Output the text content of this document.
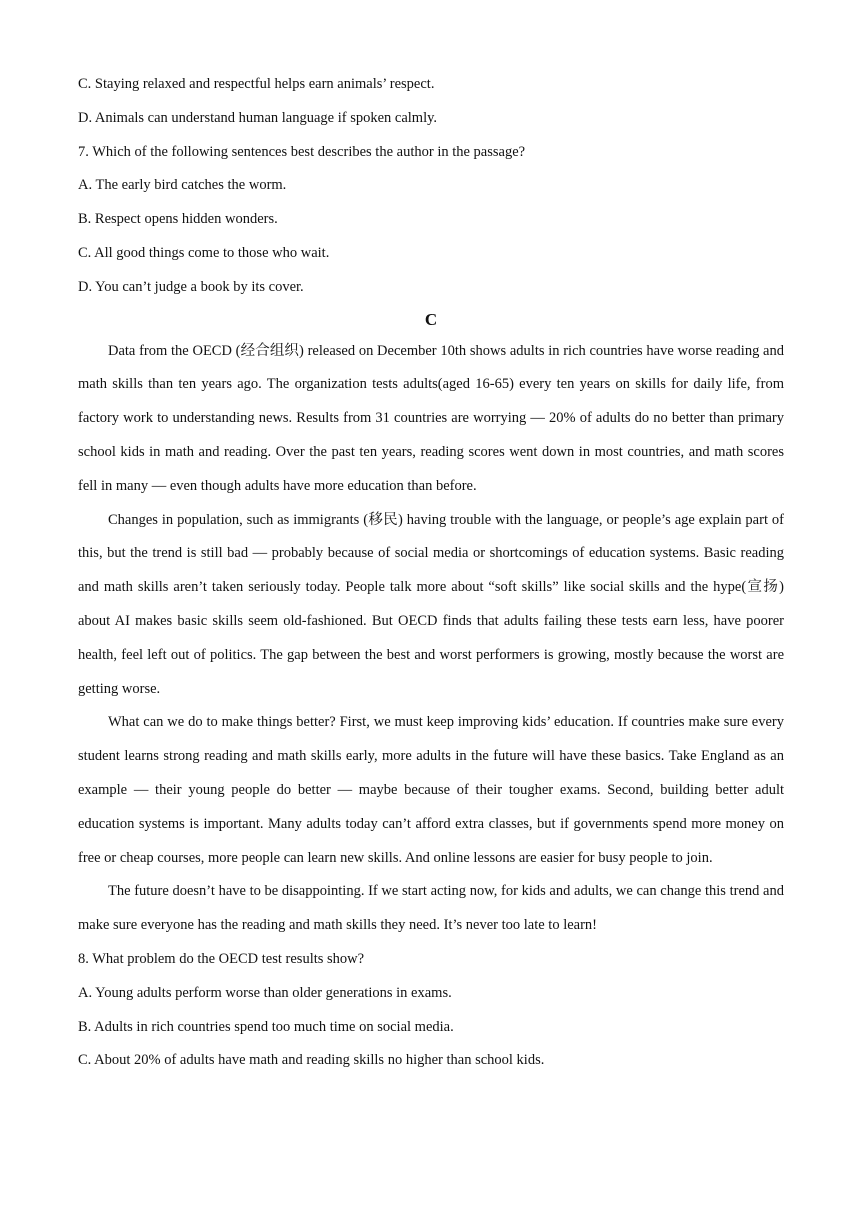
C. Staying relaxed and respectful helps earn animals’ respect.

D. Animals can understand human language if spoken calmly.

7. Which of the following sentences best describes the author in the passage?

A. The early bird catches the worm.

B. Respect opens hidden wonders.

C. All good things come to those who wait.

D. You can’t judge a book by its cover.

C

Data from the OECD (经合组织) released on December 10th shows adults in rich countries have worse reading and math skills than ten years ago. The organization tests adults(aged 16-65) every ten years on skills for daily life, from factory work to understanding news. Results from 31 countries are worrying — 20% of adults do no better than primary school kids in math and reading. Over the past ten years, reading scores went down in most countries, and math scores fell in many — even though adults have more education than before.

Changes in population, such as immigrants (移民) having trouble with the language, or people’s age explain part of this, but the trend is still bad — probably because of social media or shortcomings of education systems. Basic reading and math skills aren’t taken seriously today. People talk more about “soft skills” like social skills and the hype(宣扬) about AI makes basic skills seem old-fashioned. But OECD finds that adults failing these tests earn less, have poorer health, feel left out of politics. The gap between the best and worst performers is growing, mostly because the worst are getting worse.

What can we do to make things better? First, we must keep improving kids’ education. If countries make sure every student learns strong reading and math skills early, more adults in the future will have these basics. Take England as an example — their young people do better — maybe because of their tougher exams. Second, building better adult education systems is important. Many adults today can’t afford extra classes, but if governments spend more money on free or cheap courses, more people can learn new skills. And online lessons are easier for busy people to join.

The future doesn’t have to be disappointing. If we start acting now, for kids and adults, we can change this trend and make sure everyone has the reading and math skills they need. It’s never too late to learn!

8. What problem do the OECD test results show?

A. Young adults perform worse than older generations in exams.

B. Adults in rich countries spend too much time on social media.

C. About 20% of adults have math and reading skills no higher than school kids.
